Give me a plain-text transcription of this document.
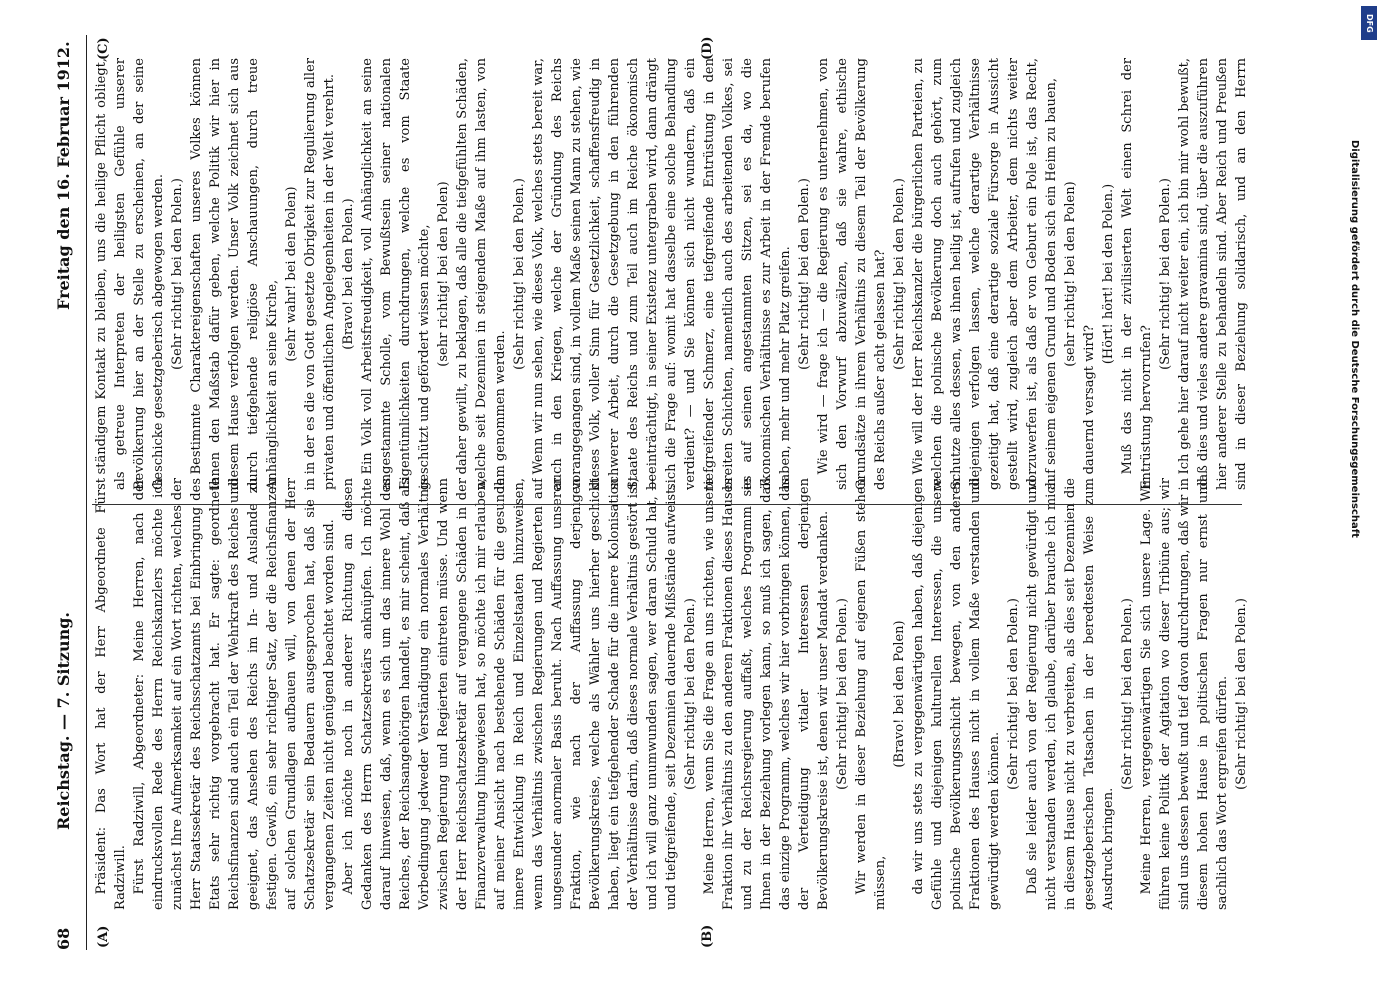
68
Reichstag. — 7. Sitzung.
Freitag den 16. Februar 1912.
(A)	(B)
(C)	(D)

Präsident: Das Wort hat der Herr Abgeordnete Fürst Radziwill. Fürst Radziwill, Abgeordneter: Meine Herren, nach der eindrucksvollen Rede des Herrn Reichskanzlers möchte ich zunächst Ihre Aufmerksamkeit auf ein Wort richten, welches der Herr Staatssekretär des Reichsschatzamts bei Einbringung des Etats sehr richtig vorgebracht hat. Er sagte: geordnete Reichsfinanzen sind auch ein Teil der Wehrkraft des Reiches und geeignet, das Ansehen des Reichs im In- und Auslande zu festigen. Gewiß, ein sehr richtiger Satz, der die Reichsfinanzen auf solchen Grundlagen aufbauen will, von denen der Herr Schatzsekretär sein Bedauern ausgesprochen hat, daß sie in vergangenen Zeiten nicht genügend beachtet worden sind. Aber ich möchte noch in anderer Richtung an diesen Gedanken des Herrn Schatzsekretärs anknüpfen. Ich möchte darauf hinweisen, daß, wenn es sich um das innere Wohl des Reiches, der Reichsangehörigen handelt, es mir scheint, daß als Vorbedingung jedweder Verständigung ein normales Verhältnis zwischen Regierung und Regierten eintreten müsse. Und wenn der Herr Reichsschatzsekretär auf vergangene Schäden in der Finanzverwaltung hingewiesen hat, so möchte ich mir erlauben, auf meiner Ansicht nach bestehende Schäden für die gesunde innere Entwicklung in Reich und Einzelstaaten hinzuweisen, wenn das Verhältnis zwischen Regierungen und Regierten auf ungesunder anormaler Basis beruht. Nach Auffassung unserer Fraktion, wie nach der Auffassung derjenigen Bevölkerungskreise, welche als Wähler uns hierher geschickt haben, liegt ein tiefgehender Schade für die innere Kolonisation der Verhältnisse darin, daß dieses normale Verhältnis gestört ist, und ich will ganz unumwunden sagen, wer daran Schuld hat, — und tiefgreifende, seit Dezennien dauernde Mißstände aufweist. (Sehr richtig! bei den Polen.) Meine Herren, wenn Sie die Frage an uns richten, wie unsere Fraktion ihr Verhältnis zu den anderen Fraktionen dieses Hauses und zu der Reichsregierung auffaßt, welches Programm sie Ihnen in der Beziehung vorlegen kann, so muß ich sagen, daß das einzige Programm, welches wir hier vorbringen können, das der Verteidigung vitaler Interessen derjenigen Bevölkerungskreise ist, denen wir unser Mandat verdanken. (Sehr richtig! bei den Polen.) Wir werden in dieser Beziehung auf eigenen Füßen stehen müssen,

(Bravo! bei den Polen) da wir uns stets zu vergegenwärtigen haben, daß diejenigen Gefühle und diejenigen kulturellen Interessen, die unsere polnische Bevölkerungsschicht bewegen, von den anderen Fraktionen des Hauses nicht in vollem Maße verstanden und gewürdigt werden können.

(Sehr richtig! bei den Polen.) Daß sie leider auch von der Regierung nicht gewürdigt und nicht verstanden werden, ich glaube, darüber brauche ich mich in diesem Hause nicht zu verbreiten, als dies seit Dezennien die gesetzgeberischen Tatsachen in der beredtesten Weise zum Ausdruck bringen.

(Sehr richtig! bei den Polen.) Meine Herren, vergegenwärtigen Sie sich unsere Lage. Wir führen keine Politik der Agitation wo dieser Tribüne aus; wir sind uns dessen bewußt und tief davon durchdrungen, daß wir in diesem hohen Hause in politischen Fragen nur ernst und sachlich das Wort ergreifen dürfen. (Sehr richtig! bei den Polen.)

ständigem Kontakt zu bleiben, uns die heilige Pflicht obliegt, als getreue Interpreten der heiligsten Gefühle unserer Bevölkerung hier an der Stelle zu erscheinen, an der seine Geschicke gesetzgeberisch abgewogen werden. (Sehr richtig! bei den Polen.) Bestimmte Charaktereigenschaften unseres Volkes können Ihnen den Maßstab dafür geben, welche Politik wir hier in diesem Hause verfolgen werden. Unser Volk zeichnet sich aus durch tiefgehende religiöse Anschauungen, durch treue Anhänglichkeit an seine Kirche,

(sehr wahr! bei den Polen) in der es die von Gott gesetzte Obrigkeit zur Regulierung aller privaten und öffentlichen Angelegenheiten in der Welt verehrt. (Bravo! bei den Polen.) Ein Volk voll Arbeitsfreudigkeit, voll Anhänglichkeit an seine angestammte Scholle, vom Bewußtsein seiner nationalen Eigentümlichkeiten durchdrungen, welche es vom Staate geschützt und gefördert wissen möchte, (sehr richtig! bei den Polen) daher gewillt, zu beklagen, daß alle die tiefgefühlten Schäden, welche seit Dezennien in steigendem Maße auf ihm lasten, von ihm genommen werden.

(Sehr richtig! bei den Polen.) Wenn wir nun sehen, wie dieses Volk, welches stets bereit war, auch in den Kriegen, welche der Gründung des Reichs vorangegangen sind, in vollem Maße seinen Mann zu stehen, wie dieses Volk, voller Sinn für Gesetzlichkeit, schaffensfreudig in schwerer Arbeit, durch die Gesetzgebung in den führenden Staate des Reichs und zum Teil auch im Reiche ökonomisch beeinträchtigt, in seiner Existenz untergraben wird, dann drängt sich die Frage auf: womit hat dasselbe eine solche Behandlung verdient? — und Sie können sich nicht wundern, daß ein tiefgreifender Schmerz, eine tiefgreifende Entrüstung in den breiten Schichten, namentlich auch des arbeitenden Volkes, sei es auf seinen angestammten Sitzen, sei es da, wo die ökonomischen Verhältnisse es zur Arbeit in der Fremde berufen haben, mehr und mehr Platz greifen. (Sehr richtig! bei den Polen.) Wie wird — frage ich — die Regierung es unternehmen, von sich den Vorwurf abzuwälzen, daß sie wahre, ethische Grundsätze in ihrem Verhältnis zu diesem Teil der Bevölkerung des Reichs außer acht gelassen hat? (Sehr richtig! bei den Polen.) Wie will der Herr Reichskanzler die bürgerlichen Parteien, zu welchen die polnische Bevölkerung doch auch gehört, zum Schutze alles dessen, was ihnen heilig ist, aufrufen und zugleich diejenigen verfolgen lassen, welche derartige Verhältnisse gezeitigt hat, daß eine derartige soziale Fürsorge in Aussicht gestellt wird, zugleich aber dem Arbeiter, dem nichts weiter vorzuwerfen ist, als daß er von Geburt ein Pole ist, das Recht, auf seinem eigenen Grund und Boden sich ein Heim zu bauen, (sehr richtig! bei den Polen)

dauernd versagt wird?

(Hört! hört! bei den Polen.) Muß das nicht in der zivilisierten Welt einen Schrei der Entrüstung hervorrufen?

(Sehr richtig! bei den Polen.)

Ich gehe hier darauf nicht weiter ein, ich bin mir wohl bewußt, daß dies und vieles andere gravamina sind, über die auszuführen hier anderer Stelle zu behandeln sind. Aber Reich und Preußen sind in dieser Beziehung solidarisch, und an den Herrn

DFG
Digitalisierung gefördert durch die Deutsche Forschungsgemeinschaft
